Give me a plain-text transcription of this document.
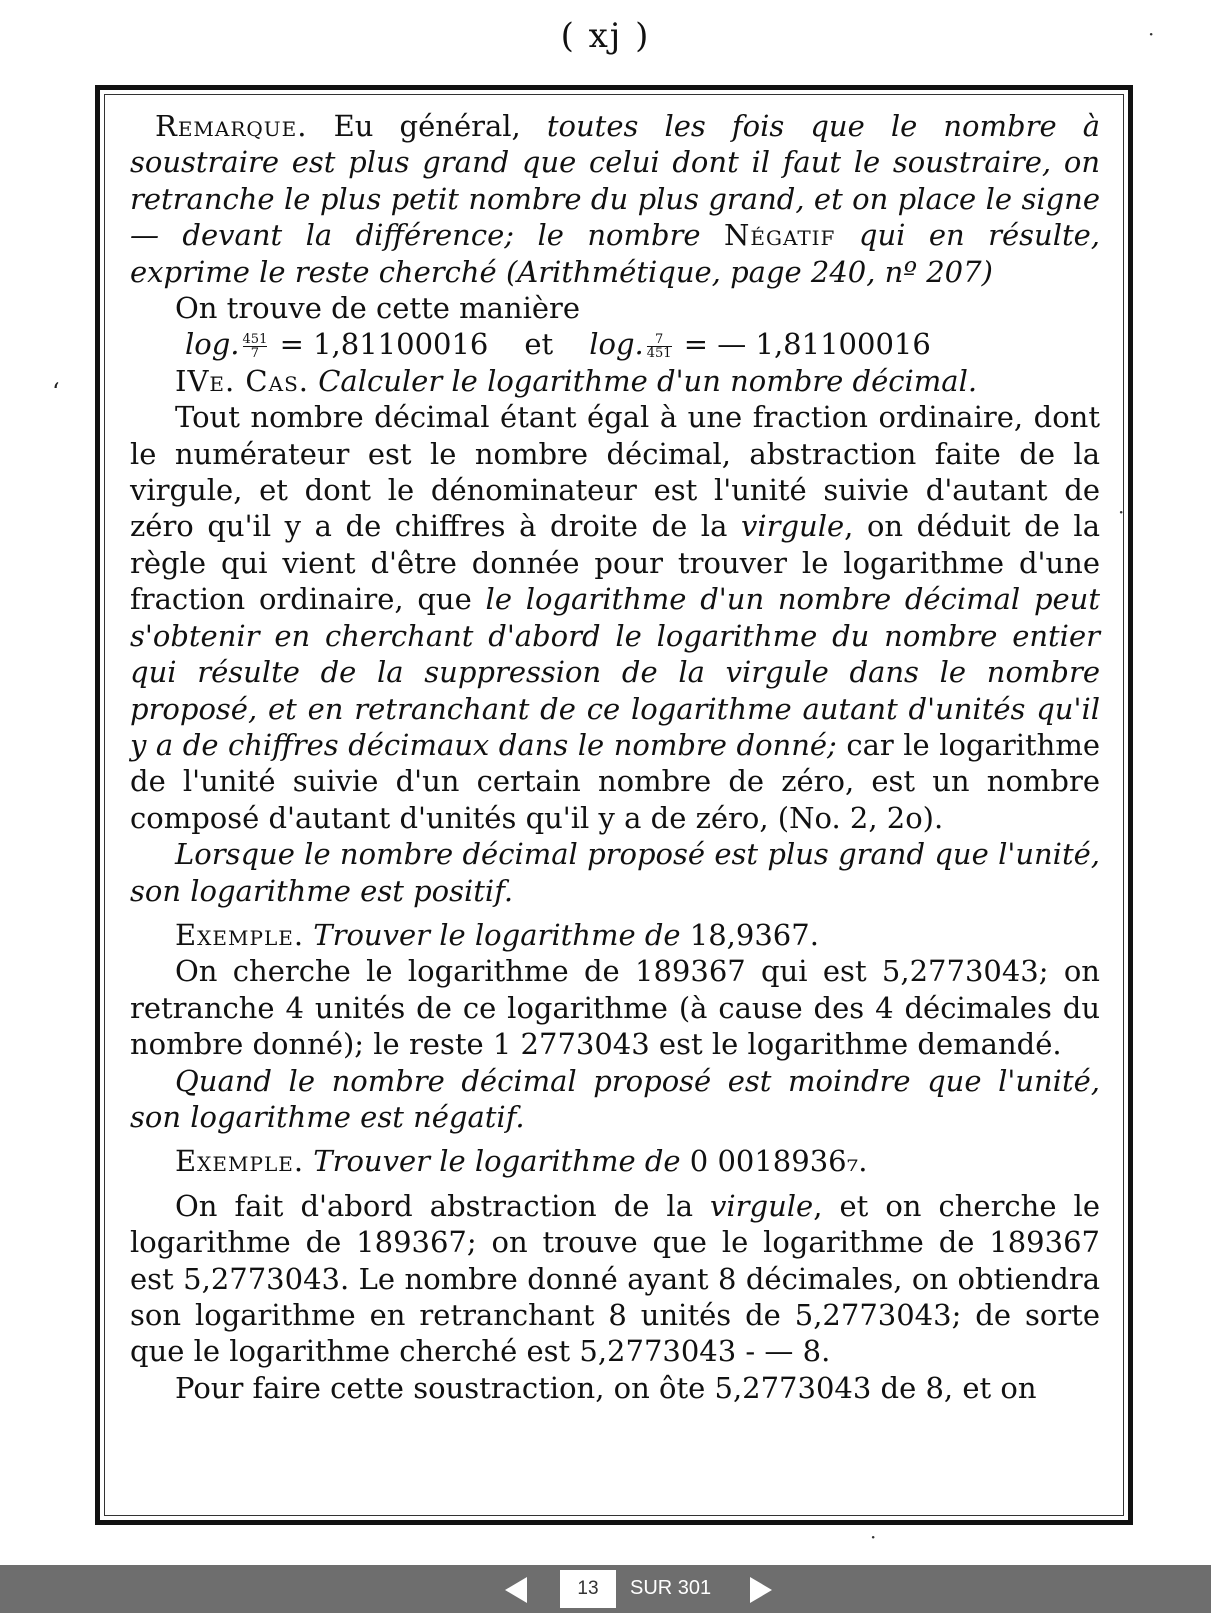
( xj )
‘

Remarque. Eu général, toutes les fois que le nombre à soustraire est plus grand que celui dont il faut le soustraire, on retranche le plus petit nombre du plus grand, et on place le signe — devant la différence; le nombre Négatif qui en résulte, exprime le reste cherché (Arithmétique, page 240, nº 207)

On trouve de cette manière

log. $\frac{451}{7} = 1,81100016$ et log. $\frac{7}{451}$ = — 1,81100016

IVe. Cas. Calculer le logarithme d'un nombre décimal.

Tout nombre décimal étant égal à une fraction ordinaire, dont le numérateur est le nombre décimal, abstraction faite de la virgule, et dont le dénominateur est l'unité suivie d'autant de zéro qu'il y a de chiffres à droite de la virgule, on déduit de la règle qui vient d'être donnée pour trouver le logarithme d'une fraction ordinaire, que le logarithme d'un nombre décimal peut s'obtenir en cherchant d'abord le logarithme du nombre entier qui résulte de la suppression de la virgule dans le nombre proposé, et en retranchant de ce logarithme autant d'unités qu'il y a de chiffres décimaux dans le nombre donné; car le logarithme de l'unité suivie d'un certain nombre de zéro, est un nombre composé d'autant d'unités qu'il y a de zéro, (No. 2, 2o).

Lorsque le nombre décimal proposé est plus grand que l'unité, son logarithme est positif.

Exemple. Trouver le logarithme de 18,9367.

On cherche le logarithme de 189367 qui est 5,2773043; on retranche 4 unités de ce logarithme (à cause des 4 décimales du nombre donné); le reste 1 2773043 est le logarithme demandé.

Quand le nombre décimal proposé est moindre que l'unité, son logarithme est négatif.

Exemple. Trouver le logarithme de 0 0018936₇.

On fait d'abord abstraction de la virgule, et on cherche le logarithme de 189367; on trouve que le logarithme de 189367 est 5,2773043. Le nombre donné ayant 8 décimales, on obtiendra son logarithme en retranchant 8 unités de 5,2773043; de sorte que le logarithme cherché est 5,2773043 - — 8.

Pour faire cette soustraction, on ôte 5,2773043 de 8, et on

·
·
·
13
SUR 301
